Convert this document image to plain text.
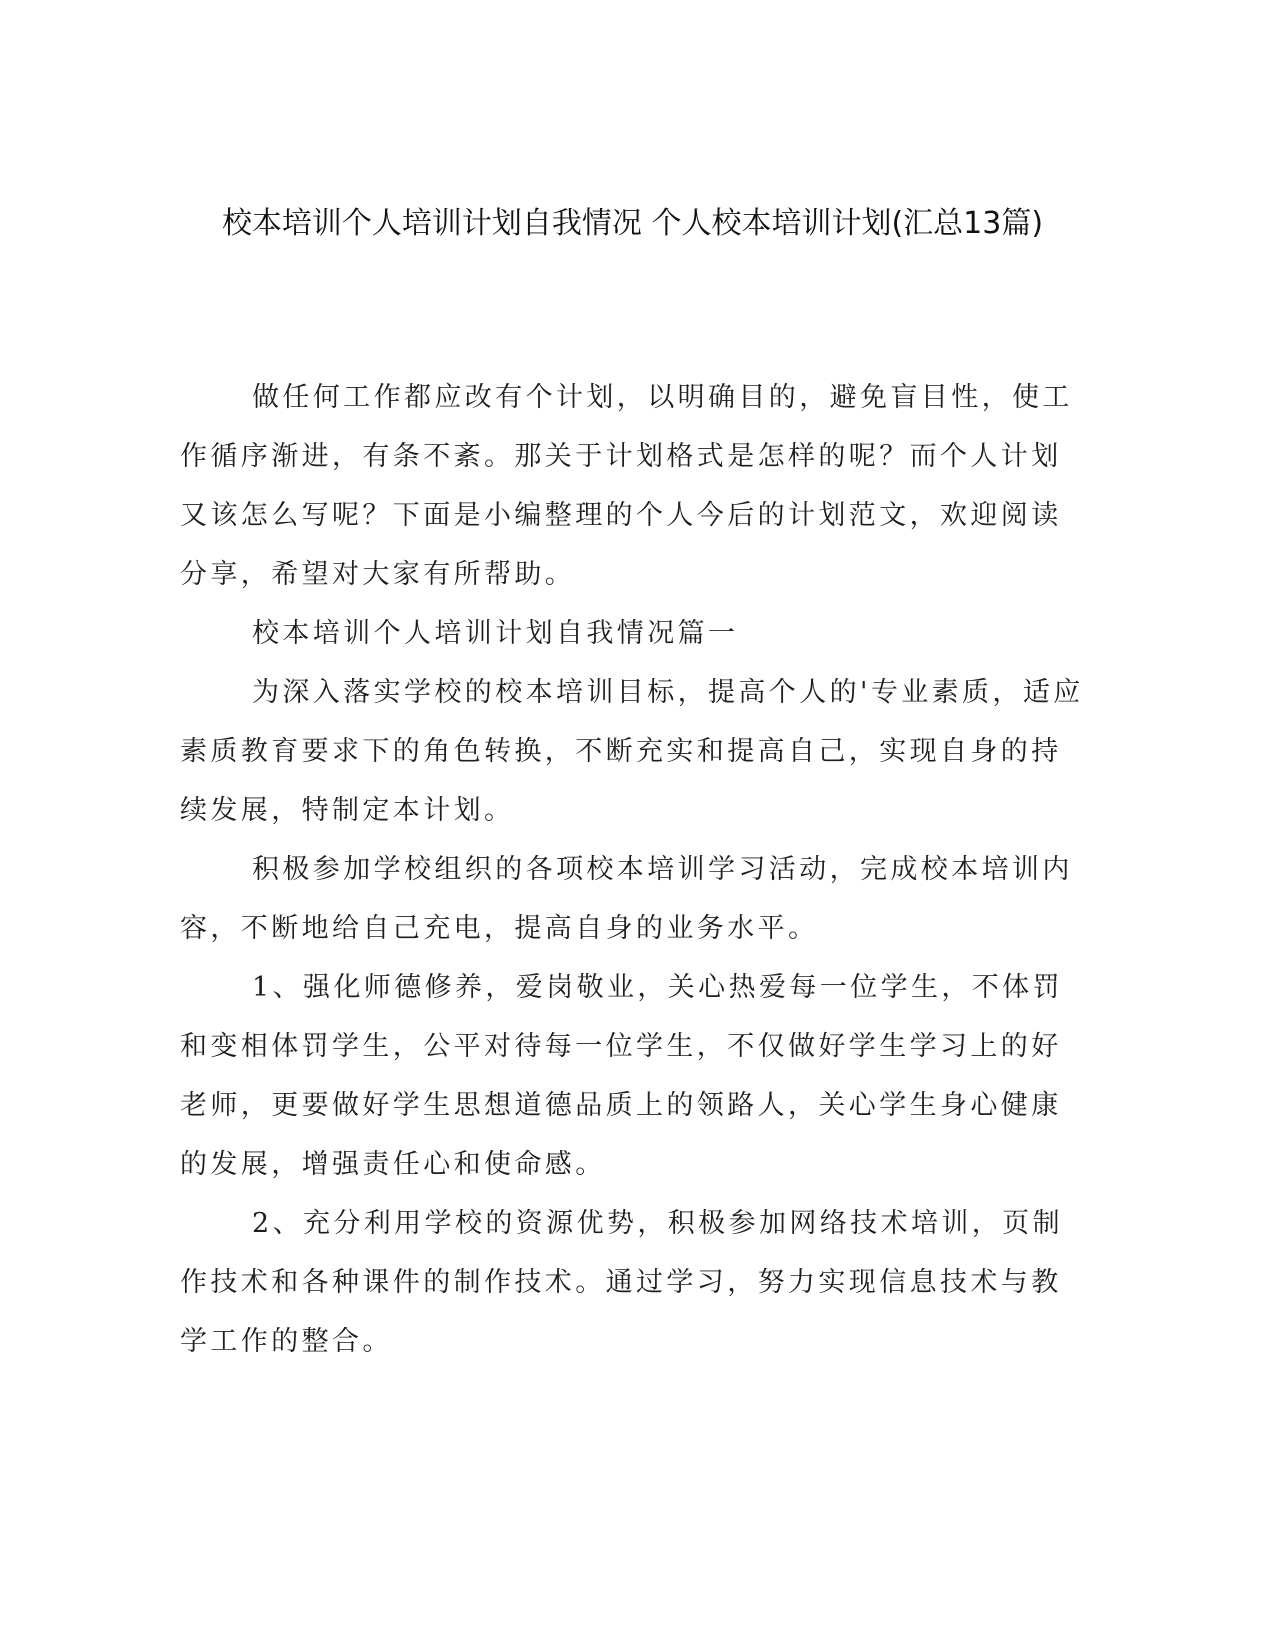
校本培训个人培训计划自我情况 个人校本培训计划(汇总13篇)

做任何工作都应改有个计划，以明确目的，避免盲目性，使工作循序渐进，有条不紊。那关于计划格式是怎样的呢？而个人计划又该怎么写呢？下面是小编整理的个人今后的计划范文，欢迎阅读分享，希望对大家有所帮助。

校本培训个人培训计划自我情况篇一

为深入落实学校的校本培训目标，提高个人的'专业素质，适应素质教育要求下的角色转换，不断充实和提高自己，实现自身的持续发展，特制定本计划。

积极参加学校组织的各项校本培训学习活动，完成校本培训内容，不断地给自己充电，提高自身的业务水平。

1、强化师德修养，爱岗敬业，关心热爱每一位学生，不体罚和变相体罚学生，公平对待每一位学生，不仅做好学生学习上的好老师，更要做好学生思想道德品质上的领路人，关心学生身心健康的发展，增强责任心和使命感。

2、充分利用学校的资源优势，积极参加网络技术培训，页制作技术和各种课件的制作技术。通过学习，努力实现信息技术与教学工作的整合。
